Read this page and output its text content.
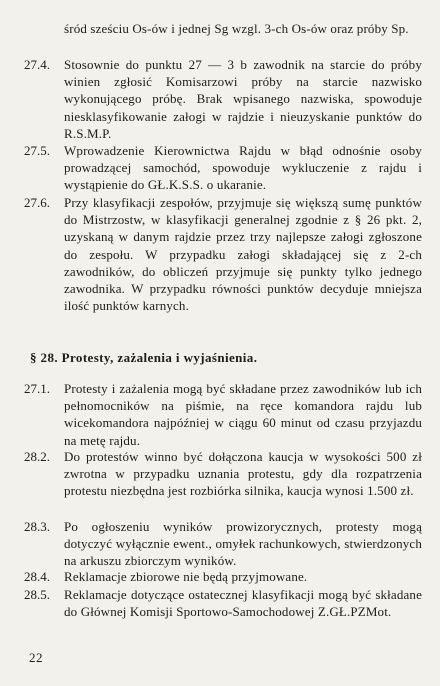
śród sześciu Os-ów i jednej Sg wzgl. 3-ch Os-ów oraz próby Sp.
27.4. Stosownie do punktu 27 — 3 b zawodnik na starcie do próby winien zgłosić Komisarzowi próby na starcie nazwisko wykonującego próbę. Brak wpisanego nazwiska, spowoduje niesklasyfikowanie załogi w rajdzie i nieuzyskanie punktów do R.S.M.P.
27.5. Wprowadzenie Kierownictwa Rajdu w błąd odnośnie osoby prowadzącej samochód, spowoduje wykluczenie z rajdu i wystąpienie do GŁ.K.S.S. o ukaranie.
27.6. Przy klasyfikacji zespołów, przyjmuje się większą sumę punktów do Mistrzostw, w klasyfikacji generalnej zgodnie z § 26 pkt. 2, uzyskaną w danym rajdzie przez trzy najlepsze załogi zgłoszone do zespołu. W przypadku załogi składającej się z 2-ch zawodników, do obliczeń przyjmuje się punkty tylko jednego zawodnika. W przypadku równości punktów decyduje mniejsza ilość punktów karnych.
§ 28. Protesty, zażalenia i wyjaśnienia.
27.1. Protesty i zażalenia mogą być składane przez zawodników lub ich pełnomocników na piśmie, na ręce komandora rajdu lub wicekomandora najpóźniej w ciągu 60 minut od czasu przyjazdu na metę rajdu.
28.2. Do protestów winno być dołączona kaucja w wysokości 500 zł zwrotna w przypadku uznania protestu, gdy dla rozpatrzenia protestu niezbędna jest rozbiórka silnika, kaucja wynosi 1.500 zł.
28.3. Po ogłoszeniu wyników prowizorycznych, protesty mogą dotyczyć wyłącznie ewent., omyłek rachunkowych, stwierdzonych na arkuszu zbiorczym wyników.
28.4. Reklamacje zbiorowe nie będą przyjmowane.
28.5. Reklamacje dotyczące ostatecznej klasyfikacji mogą być składane do Głównej Komisji Sportowo-Samochodowej Z.GŁ.PZMot.
22
